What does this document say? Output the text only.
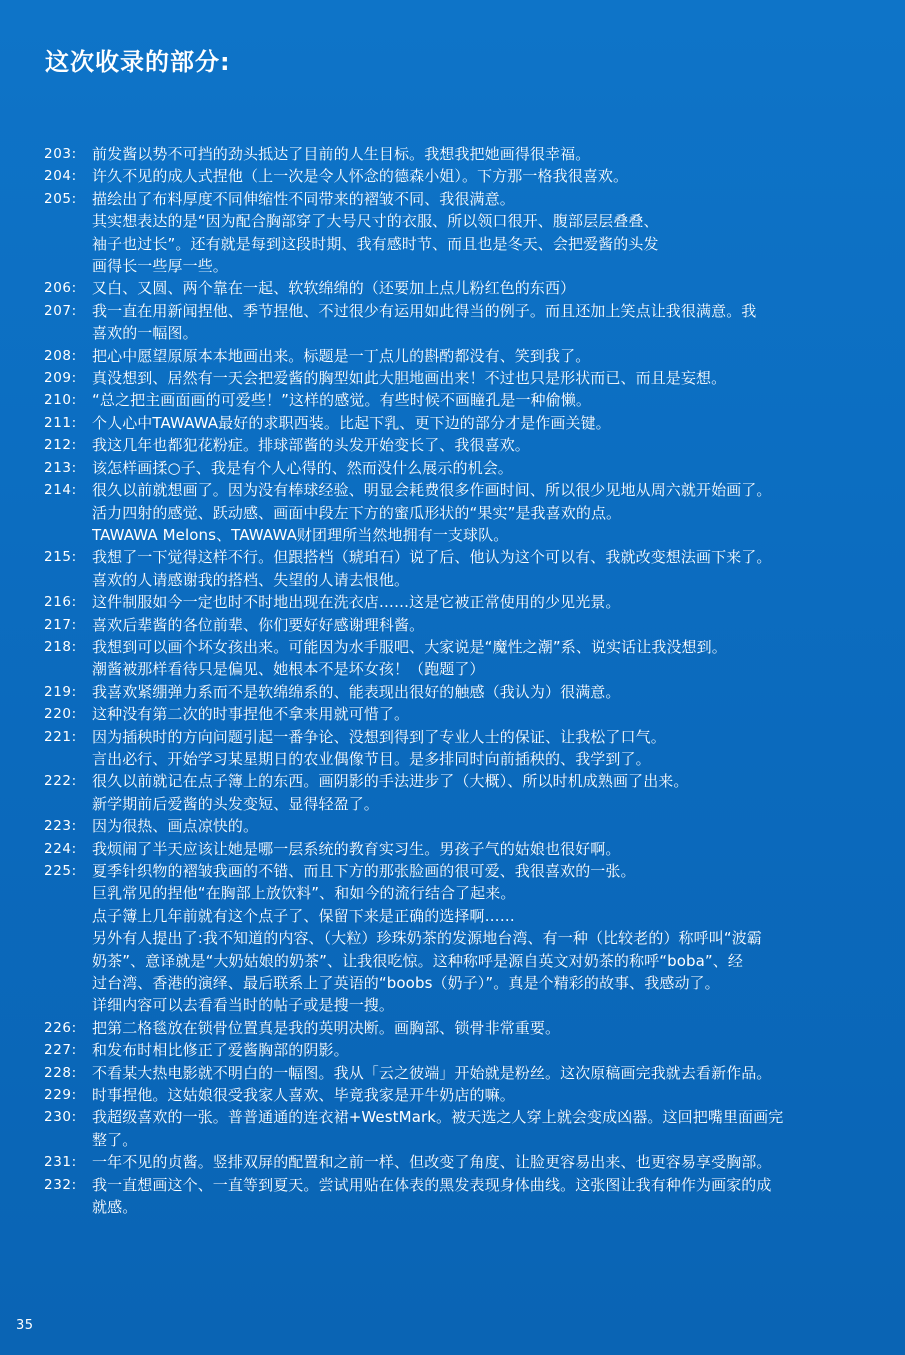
这次收录的部分:
203:	前发酱以势不可挡的劲头抵达了目前的人生目标。我想我把她画得很幸福。
204:	许久不见的成人式捏他（上一次是令人怀念的德森小姐）。下方那一格我很喜欢。
205:	描绘出了布料厚度不同伸缩性不同带来的褶皱不同、我很满意。
其实想表达的是“因为配合胸部穿了大号尺寸的衣服、所以领口很开、腹部层层叠叠、
袖子也过长”。还有就是每到这段时期、我有感时节、而且也是冬天、会把爱酱的头发
画得长一些厚一些。
206:	又白、又圆、两个靠在一起、软软绵绵的（还要加上点儿粉红色的东西）
207:	我一直在用新闻捏他、季节捏他、不过很少有运用如此得当的例子。而且还加上笑点让我很满意。我
喜欢的一幅图。
208:	把心中愿望原原本本地画出来。标题是一丁点儿的斟酌都没有、笑到我了。
209:	真没想到、居然有一天会把爱酱的胸型如此大胆地画出来！不过也只是形状而已、而且是妄想。
210:	“总之把主画面画的可爱些！”这样的感觉。有些时候不画瞳孔是一种偷懒。
211:	个人心中TAWAWA最好的求职西装。比起下乳、更下边的部分才是作画关键。
212:	我这几年也都犯花粉症。排球部酱的头发开始变长了、我很喜欢。
213:	该怎样画揉○子、我是有个人心得的、然而没什么展示的机会。
214:	很久以前就想画了。因为没有棒球经验、明显会耗费很多作画时间、所以很少见地从周六就开始画了。
活力四射的感觉、跃动感、画面中段左下方的蜜瓜形状的“果实”是我喜欢的点。
TAWAWA Melons、TAWAWA财团理所当然地拥有一支球队。
215:	我想了一下觉得这样不行。但跟搭档（琥珀石）说了后、他认为这个可以有、我就改变想法画下来了。
喜欢的人请感谢我的搭档、失望的人请去恨他。
216:	这件制服如今一定也时不时地出现在洗衣店……这是它被正常使用的少见光景。
217:	喜欢后辈酱的各位前辈、你们要好好感谢理科酱。
218:	我想到可以画个坏女孩出来。可能因为水手服吧、大家说是“魔性之潮”系、说实话让我没想到。
潮酱被那样看待只是偏见、她根本不是坏女孩！（跑题了）
219:	我喜欢紧绷弹力系而不是软绵绵系的、能表现出很好的触感（我认为）很满意。
220:	这种没有第二次的时事捏他不拿来用就可惜了。
221:	因为插秧时的方向问题引起一番争论、没想到得到了专业人士的保证、让我松了口气。
言出必行、开始学习某星期日的农业偶像节目。是多排同时向前插秧的、我学到了。
222:	很久以前就记在点子簿上的东西。画阴影的手法进步了（大概）、所以时机成熟画了出来。
新学期前后爱酱的头发变短、显得轻盈了。
223:	因为很热、画点凉快的。
224:	我烦闹了半天应该让她是哪一层系统的教育实习生。男孩子气的姑娘也很好啊。
225:	夏季针织物的褶皱我画的不错、而且下方的那张脸画的很可爱、我很喜欢的一张。
巨乳常见的捏他“在胸部上放饮料”、和如今的流行结合了起来。
点子簿上几年前就有这个点子了、保留下来是正确的选择啊……
另外有人提出了:我不知道的内容、（大粒）珍珠奶茶的发源地台湾、有一种（比较老的）称呼叫“波霸
奶茶”、意译就是“大奶姑娘的奶茶”、让我很吃惊。这种称呼是源自英文对奶茶的称呼“boba”、经
过台湾、香港的演绎、最后联系上了英语的“boobs（奶子）”。真是个精彩的故事、我感动了。
详细内容可以去看看当时的帖子或是搜一搜。
226:	把第二格毯放在锁骨位置真是我的英明决断。画胸部、锁骨非常重要。
227:	和发布时相比修正了爱酱胸部的阴影。
228:	不看某大热电影就不明白的一幅图。我从「云之彼端」开始就是粉丝。这次原稿画完我就去看新作品。
229:	时事捏他。这姑娘很受我家人喜欢、毕竟我家是开牛奶店的嘛。
230:	我超级喜欢的一张。普普通通的连衣裙+WestMark。被天选之人穿上就会变成凶器。这回把嘴里面画完
整了。
231:	一年不见的贞酱。竖排双屏的配置和之前一样、但改变了角度、让脸更容易出来、也更容易享受胸部。
232:	我一直想画这个、一直等到夏天。尝试用贴在体表的黑发表现身体曲线。这张图让我有种作为画家的成
就感。
35
